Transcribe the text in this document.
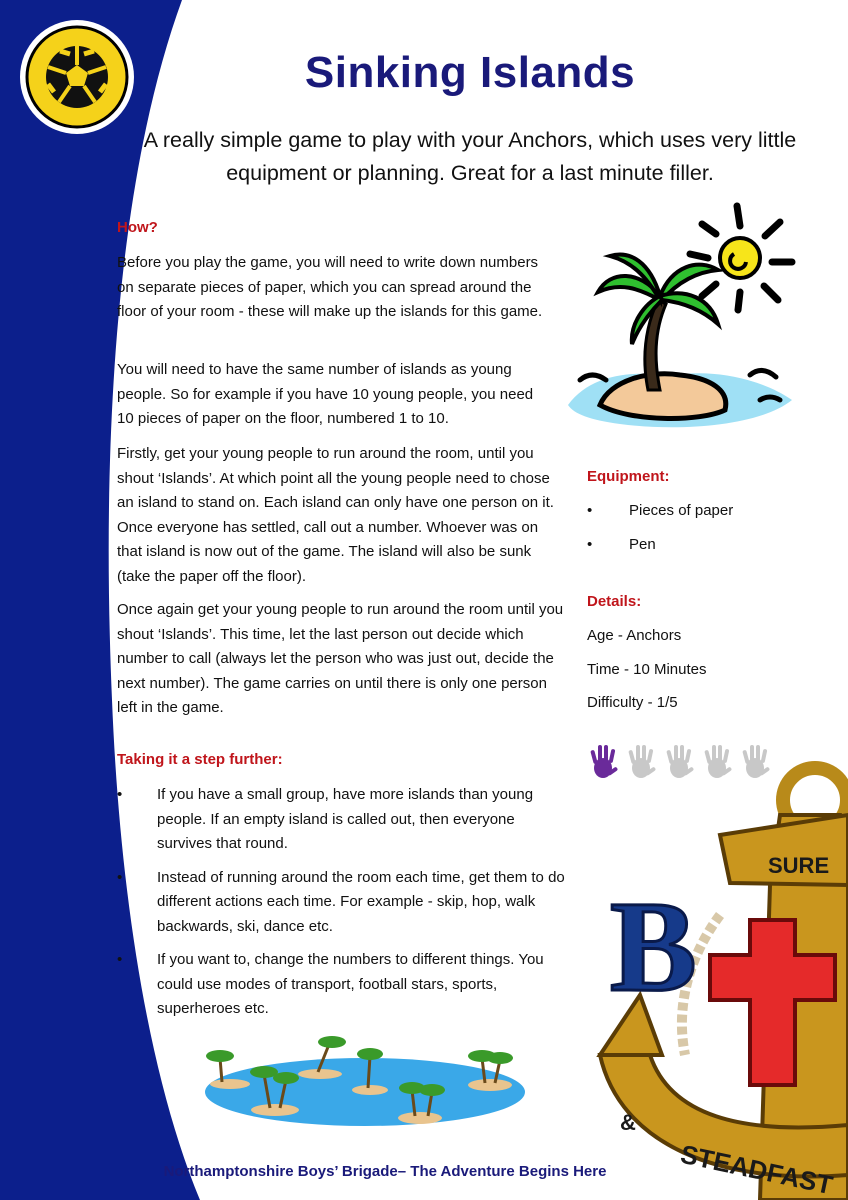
Sinking Islands
A really simple game to play with your Anchors, which uses very little equipment or planning. Great for a last minute filler.
How?
Before you play the game, you will need to write down numbers on separate pieces of paper, which you can spread around the floor of your room - these will make up the islands for this game.
You will need to have the same number of islands as young people. So for example if you have 10 young people, you need 10 pieces of paper on the floor, numbered 1 to 10.
Firstly, get your young people to run around the room, until you shout ‘Islands’. At which point all the young people need to chose an island to stand on. Each island can only have one person on it. Once everyone has settled, call out a number. Whoever was on that island is now out of the game. The island will also be sunk (take the paper off the floor).
Once again get your young people to run around the room until you shout ‘Islands’. This time, let the last person out decide which number to call (always let the person who was just out, decide the next number). The game carries on until there is only one person left in the game.
Taking it a step further:
• If you have a small group, have more islands than young people. If an empty island is called out, then everyone survives that round.
• Instead of running around the room each time, get them to do different actions each time. For example - skip, hop, walk backwards, ski, dance etc.
• If you want to, change the numbers to different things. You could use modes of transport, football stars, sports, superheroes etc.
Equipment:
• Pieces of paper
• Pen
Details:
Age - Anchors
Time - 10 Minutes
Difficulty - 1/5
SURE
B
&
STEADFAST
Northamptonshire Boys’ Brigade– The Adventure Begins Here
